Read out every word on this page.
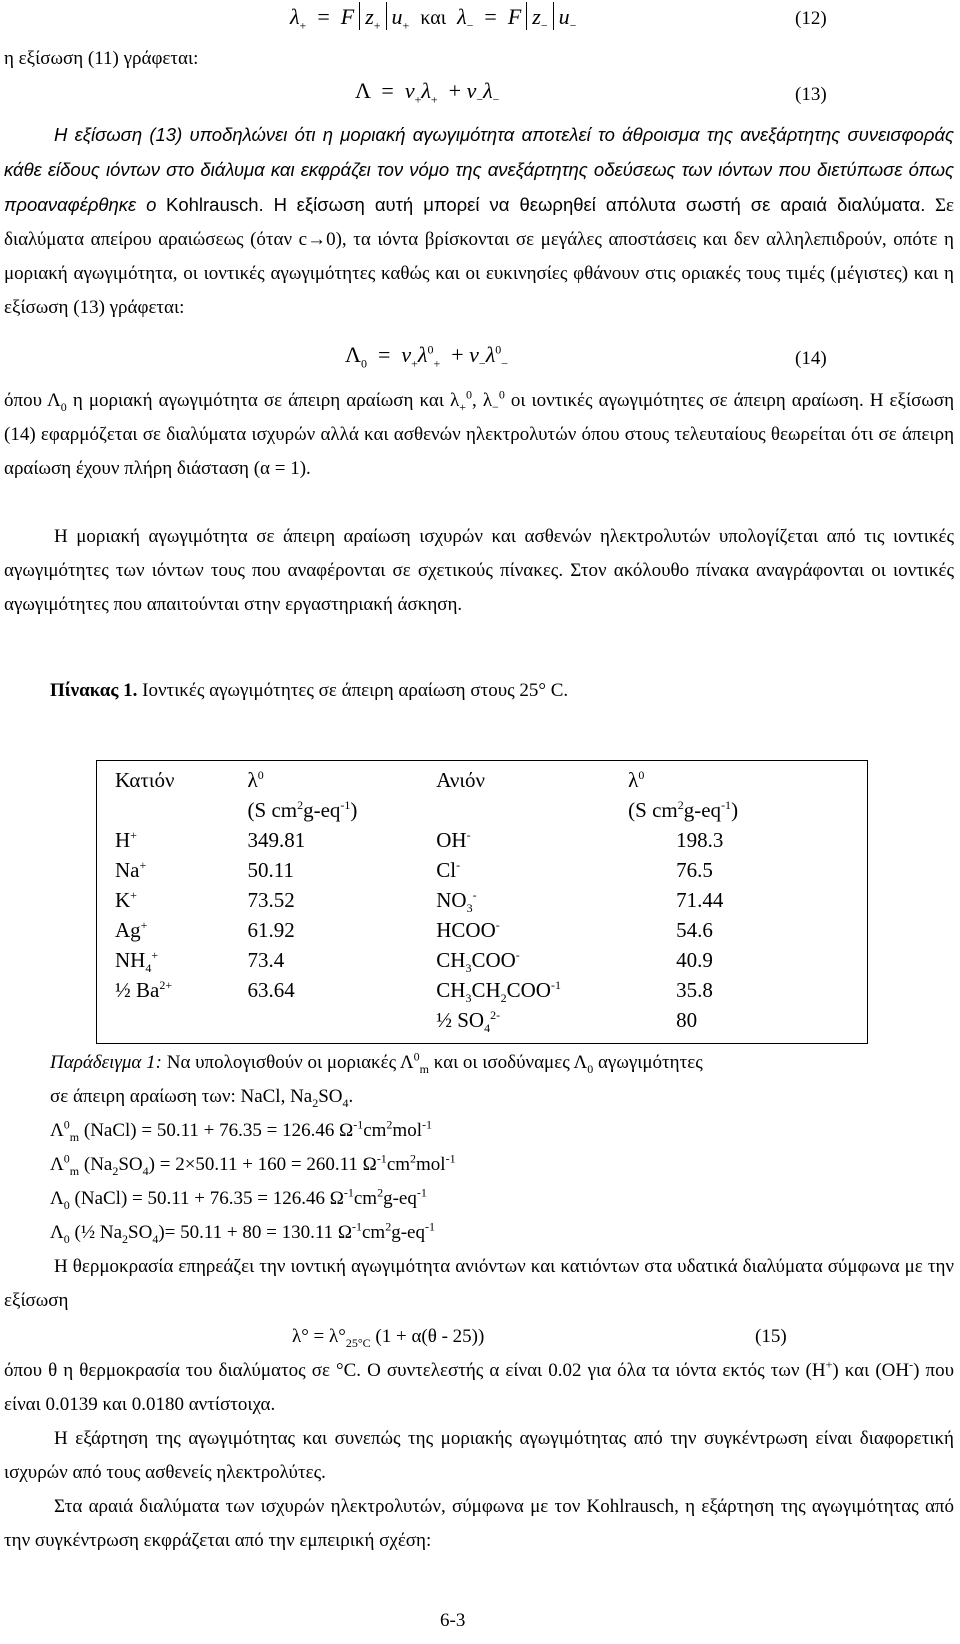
$\lambda_+ = F$ $z_+$ $u_+$ και $\lambda_- = F$ $z_-$ $u_-$	(12)
η εξίσωση (11) γράφεται:
$\Lambda = \nu_+\lambda_+ + \nu_-\lambda_-$	(13)

Η εξίσωση (13) υποδηλώνει ότι η μοριακή αγωγιμότητα αποτελεί το άθροισμα της ανεξάρτητης συνεισφοράς κάθε είδους ιόντων στο διάλυμα και εκφράζει τον νόμο της ανεξάρτητης οδεύσεως των ιόντων που διετύπωσε όπως προαναφέρθηκε ο Kohlrausch. Η εξίσωση αυτή μπορεί να θεωρηθεί απόλυτα σωστή σε αραιά διαλύματα. Σε διαλύματα απείρου αραιώσεως (όταν c→0), τα ιόντα βρίσκονται σε μεγάλες αποστάσεις και δεν αλληλεπιδρούν, οπότε η μοριακή αγωγιμότητα, οι ιοντικές αγωγιμότητες καθώς και οι ευκινησίες φθάνουν στις οριακές τους τιμές (μέγιστες) και η εξίσωση (13) γράφεται:

$\Lambda_0 = \nu_+\lambda^0_+ + \nu_-\lambda^0_-$	(14)

όπου $\Lambda_0$ η μοριακή αγωγιμότητα σε άπειρη αραίωση και $\lambda_+^0$, $\lambda_-^0$ οι ιοντικές αγωγιμότητες σε άπειρη αραίωση. Η εξίσωση (14) εφαρμόζεται σε διαλύματα ισχυρών αλλά και ασθενών ηλεκτρολυτών όπου στους τελευταίους θεωρείται ότι σε άπειρη αραίωση έχουν πλήρη διάσταση (α = 1).

Η μοριακή αγωγιμότητα σε άπειρη αραίωση ισχυρών και ασθενών ηλεκτρολυτών υπολογίζεται από τις ιοντικές αγωγιμότητες των ιόντων τους που αναφέρονται σε σχετικούς πίνακες. Στον ακόλουθο πίνακα αναγράφονται οι ιοντικές αγωγιμότητες που απαιτούνται στην εργαστηριακή άσκηση.

Πίνακας 1. Ιοντικές αγωγιμότητες σε άπειρη αραίωση στους 25° C.
Κατιόν	$\lambda^0$	Ανιόν	$\lambda^0$
	(S $cm^2g-eq^{-1}$)		(S $cm^2g-eq^{-1}$)
H+	349.81	OH-	198.3
Na+	50.11	Cl-	76.5
K+	73.52	$NO_3^-$	71.44
Ag+	61.92	HCOO-	54.6
$NH_4^+$	73.4	$CH_3COO^-$	40.9
½ $Ba^{2+}$	63.64	$CH_3CH_2COO^{-1}$	35.8
		½ $SO_4^{2-}$	80
Παράδειγμα 1: Να υπολογισθούν οι μοριακές $\Lambda^0_m$ και οι ισοδύναμες $\Lambda_0$ αγωγιμότητες
σε άπειρη αραίωση των: NaCl, $Na_2SO_4$.
$\Lambda^0_m$ (NaCl) = 50.11 + 76.35 = 126.46 $\Omega^{-1}cm^2mol^{-1}$
$\Lambda^0_m$ $(Na_2SO_4) = 2\times 50.11 + 160 = 260.11$ $\Omega^{-1}cm^2mol^{-1}$
$\Lambda_0$ (NaCl) = 50.11 + 76.35 = 126.46 $\Omega^{-1}cm^2g-eq^{-1}$
$\Lambda_0$ (½ $Na_2SO_4)= 50.11 + 80 = 130.11$ $\Omega^{-1}cm^2g-eq^{-1}$

Η θερμοκρασία επηρεάζει την ιοντική αγωγιμότητα ανιόντων και κατιόντων στα υδατικά διαλύματα σύμφωνα με την εξίσωση

$\lambda^\circ = \lambda^\circ_{25^\circ C}$ (1 + α(θ - 25))	(15)

όπου θ η θερμοκρασία του διαλύματος σε °C. Ο συντελεστής α είναι 0.02 για όλα τα ιόντα εκτός των (Η+) και (ΟΗ-) που είναι 0.0139 και 0.0180 αντίστοιχα.

Η εξάρτηση της αγωγιμότητας και συνεπώς της μοριακής αγωγιμότητας από την συγκέντρωση είναι διαφορετική ισχυρών από τους ασθενείς ηλεκτρολύτες.

Στα αραιά διαλύματα των ισχυρών ηλεκτρολυτών, σύμφωνα με τον Kohlrausch, η εξάρτηση της αγωγιμότητας από την συγκέντρωση εκφράζεται από την εμπειρική σχέση:

6-3
